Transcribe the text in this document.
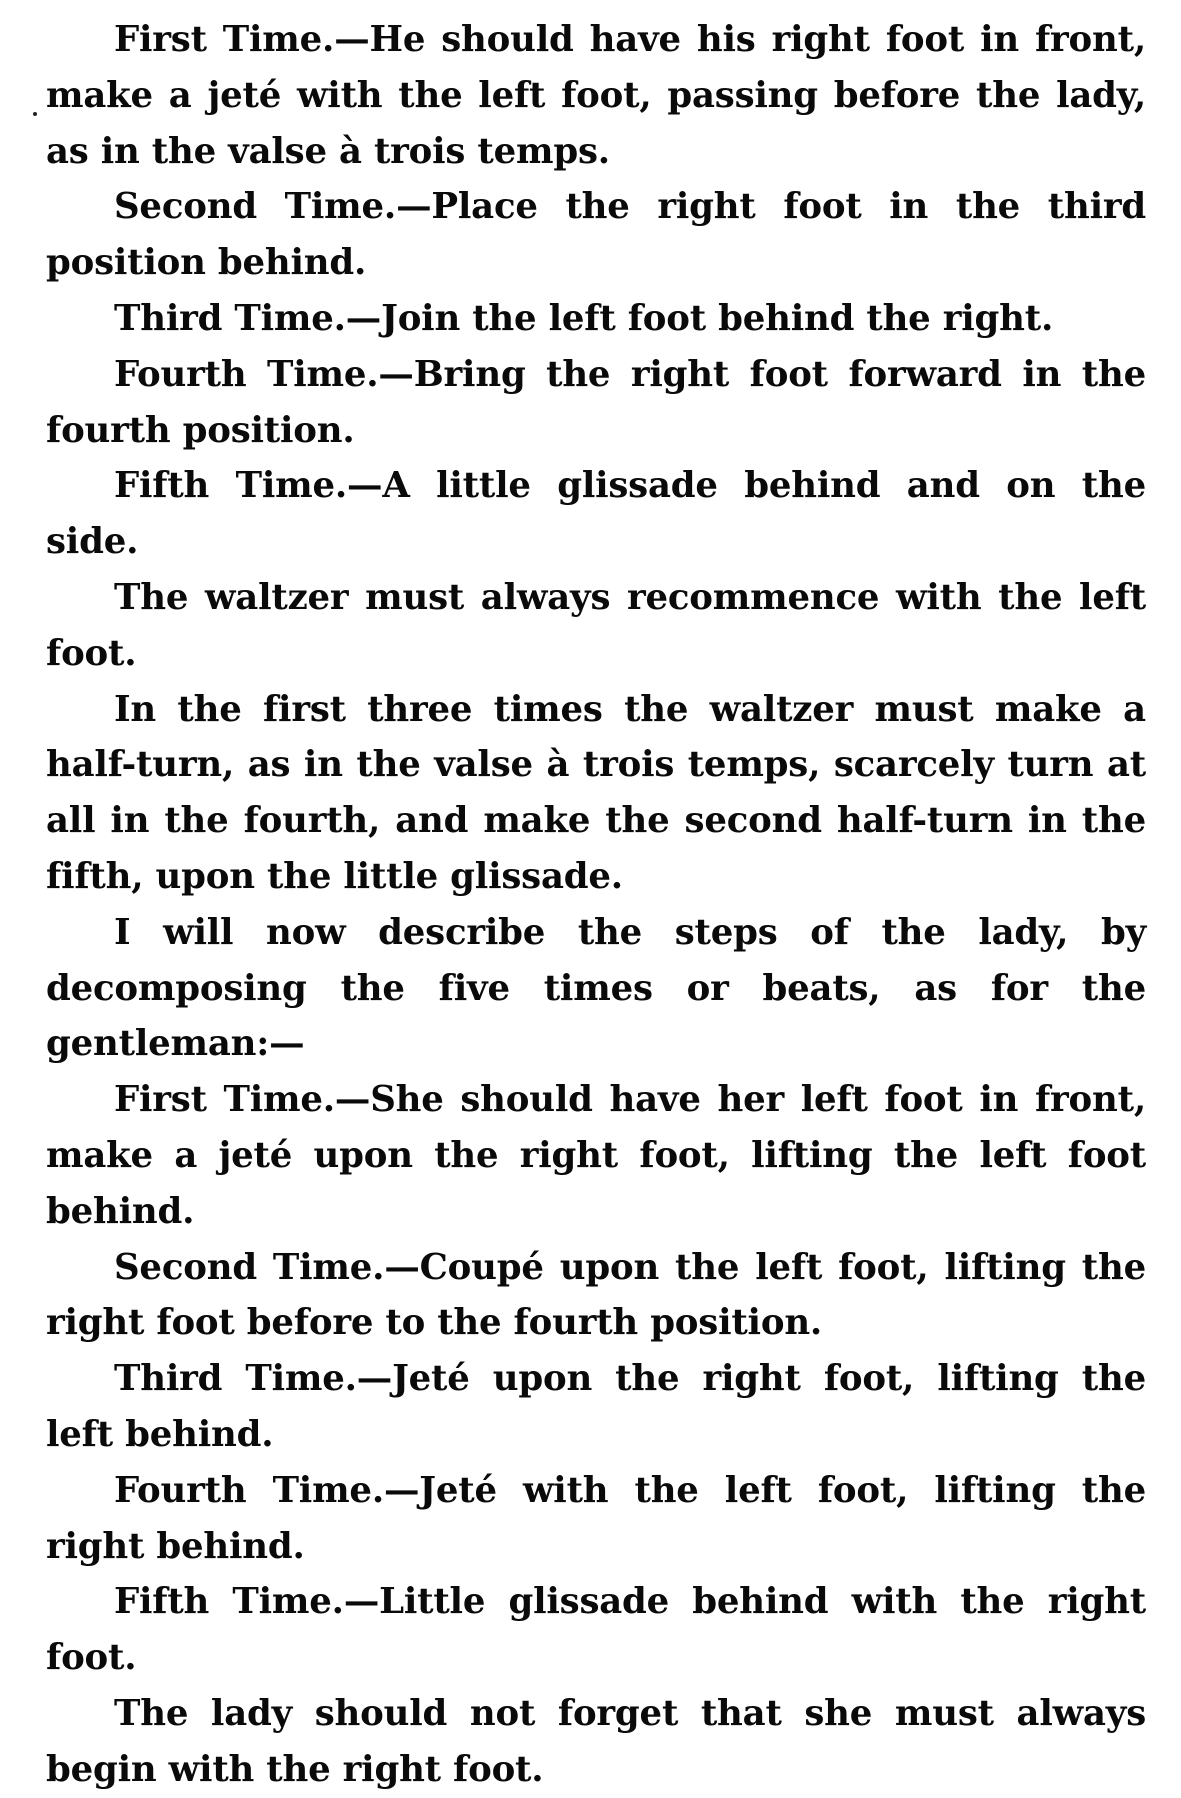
First Time.—He should have his right foot in front, make a jeté with the left foot, passing before the lady, as in the valse à trois temps.

Second Time.—Place the right foot in the third position behind.

Third Time.—Join the left foot behind the right.

Fourth Time.—Bring the right foot forward in the fourth position.

Fifth Time.—A little glissade behind and on the side.

The waltzer must always recommence with the left foot.

In the first three times the waltzer must make a half-turn, as in the valse à trois temps, scarcely turn at all in the fourth, and make the second half-turn in the fifth, upon the little glissade.

I will now describe the steps of the lady, by decomposing the five times or beats, as for the gentleman:—

First Time.—She should have her left foot in front, make a jeté upon the right foot, lifting the left foot behind.

Second Time.—Coupé upon the left foot, lifting the right foot before to the fourth position.

Third Time.—Jeté upon the right foot, lifting the left behind.

Fourth Time.—Jeté with the left foot, lifting the right behind.

Fifth Time.—Little glissade behind with the right foot.

The lady should not forget that she must always begin with the right foot.
